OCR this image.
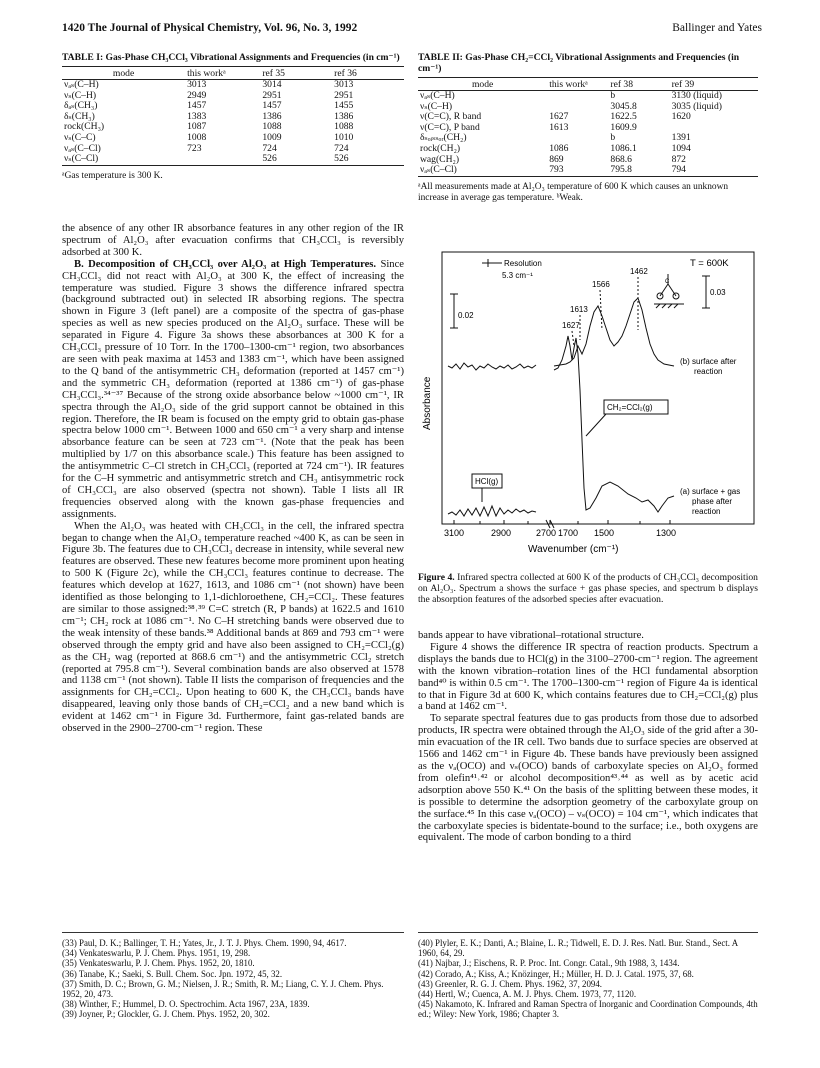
1420 The Journal of Physical Chemistry, Vol. 96, No. 3, 1992	Ballinger and Yates
TABLE I: Gas-Phase CH₃CCl₃ Vibrational Assignments and Frequencies (in cm⁻¹)
mode	this workᵃ	ref 35	ref 36
νₐₛ(C–H)	3013	3014	3013
νₛ(C–H)	2949	2951	2951
δₐₛ(CH₃)	1457	1457	1455
δₛ(CH₃)	1383	1386	1386
rock(CH₃)	1087	1088	1088
νₛ(C–C)	1008	1009	1010
νₐₛ(C–Cl)	723	724	724
νₛ(C–Cl)		526	526
ᵃGas temperature is 300 K.
TABLE II: Gas-Phase CH₂=CCl₂ Vibrational Assignments and Frequencies (in cm⁻¹)
mode	this workᵃ	ref 38	ref 39
νₐₛ(C–H)		b	3130 (liquid)
νₛ(C–H)		3045.8	3035 (liquid)
ν(C=C), R band	1627	1622.5	1620
ν(C=C), P band	1613	1609.9	
δₛₒᵢₛₛₒᵣ(CH₂)		b	1391
rock(CH₂)	1086	1086.1	1094
wag(CH₂)	869	868.6	872
νₐₛ(C–Cl)	793	795.8	794
ᵃAll measurements made at Al₂O₃ temperature of 600 K which causes an unknown increase in average gas temperature. ᵇWeak.

the absence of any other IR absorbance features in any other region of the IR spectrum of Al₂O₃ after evacuation confirms that CH₃CCl₃ is reversibly adsorbed at 300 K.

B. Decomposition of CH₃CCl₃ over Al₂O₃ at High Temperatures. Since CH₃CCl₃ did not react with Al₂O₃ at 300 K, the effect of increasing the temperature was studied. Figure 3 shows the difference infrared spectra (background subtracted out) in selected IR absorbing regions. The spectra shown in Figure 3 (left panel) are a composite of the spectra of gas-phase species as well as new species produced on the Al₂O₃ surface. These will be separated in Figure 4. Figure 3a shows these absorbances at 300 K for a CH₃CCl₃ pressure of 10 Torr. In the 1700–1300-cm⁻¹ region, two absorbances are seen with peak maxima at 1453 and 1383 cm⁻¹, which have been assigned to the Q band of the antisymmetric CH₃ deformation (reported at 1457 cm⁻¹) and the symmetric CH₃ deformation (reported at 1386 cm⁻¹) of gas-phase CH₃CCl₃.³⁴⁻³⁷ Because of the strong oxide absorbance below ~1000 cm⁻¹, IR spectra through the Al₂O₃ side of the grid support cannot be obtained in this region. Therefore, the IR beam is focused on the empty grid to obtain gas-phase spectra below 1000 cm⁻¹. Between 1000 and 650 cm⁻¹ a very sharp and intense absorbance feature can be seen at 723 cm⁻¹. (Note that the peak has been multiplied by 1/7 on this absorbance scale.) This feature has been assigned to the antisymmetric C–Cl stretch in CH₃CCl₃ (reported at 724 cm⁻¹). IR features for the C–H symmetric and antisymmetric stretch and CH₃ antisymmetric rock of CH₃CCl₃ are also observed (spectra not shown). Table I lists all IR frequencies observed along with the known gas-phase frequencies and assignments.

When the Al₂O₃ was heated with CH₃CCl₃ in the cell, the infrared spectra began to change when the Al₂O₃ temperature reached ~400 K, as can be seen in Figure 3b. The features due to CH₃CCl₃ decrease in intensity, while several new features are observed. These new features become more prominent upon heating to 500 K (Figure 2c), while the CH₃CCl₃ features continue to decrease. The features which develop at 1627, 1613, and 1086 cm⁻¹ (not shown) have been identified as those belonging to 1,1-dichloroethene, CH₂=CCl₂. These features are similar to those assigned:³⁸˒³⁹ C=C stretch (R, P bands) at 1622.5 and 1610 cm⁻¹; CH₂ rock at 1086 cm⁻¹. No C–H stretching bands were observed due to the weak intensity of these bands.³⁸ Additional bands at 869 and 793 cm⁻¹ were observed through the empty grid and have also been assigned to CH₂=CCl₂(g) as the CH₂ wag (reported at 868.6 cm⁻¹) and the antisymmetric CCl₂ stretch (reported at 795.8 cm⁻¹). Several combination bands are also observed at 1578 and 1138 cm⁻¹ (not shown). Table II lists the comparison of frequencies and the assignments for CH₂=CCl₂. Upon heating to 600 K, the CH₃CCl₃ bands have disappeared, leaving only those bands of CH₂=CCl₂ and a new band which is evident at 1462 cm⁻¹ in Figure 3d. Furthermore, faint gas-related bands are observed in the 2900–2700-cm⁻¹ region. These

Resolution
5.3 cm⁻¹
T = 600K
0.02
0.03
C
1462
1566
1613
1627
(b) surface after
reaction
(a) surface + gas
phase after
reaction
CH₂=CCl₂(g)
HCl(g)
Absorbance
3100	2900	2700 1700 1500	1300
Wavenumber (cm⁻¹)
Figure 4. Infrared spectra collected at 600 K of the products of CH₃CCl₃ decomposition on Al₂O₃. Spectrum a shows the surface + gas phase species, and spectrum b displays the absorption features of the adsorbed species after evacuation.

bands appear to have vibrational–rotational structure.

Figure 4 shows the difference IR spectra of reaction products. Spectrum a displays the bands due to HCl(g) in the 3100–2700-cm⁻¹ region. The agreement with the known vibration–rotation lines of the HCl fundamental absorption band⁴⁰ is within 0.5 cm⁻¹. The 1700–1300-cm⁻¹ region of Figure 4a is identical to that in Figure 3d at 600 K, which contains features due to CH₂=CCl₂(g) plus a band at 1462 cm⁻¹.

To separate spectral features due to gas products from those due to adsorbed products, IR spectra were obtained through the Al₂O₃ side of the grid after a 30-min evacuation of the IR cell. Two bands due to surface species are observed at 1566 and 1462 cm⁻¹ in Figure 4b. These bands have previously been assigned as the νₐ(OCO) and νₛ(OCO) bands of carboxylate species on Al₂O₃ formed from olefin⁴¹˒⁴² or alcohol decomposition⁴³˒⁴⁴ as well as by acetic acid adsorption above 550 K.⁴¹ On the basis of the splitting between these modes, it is possible to determine the adsorption geometry of the carboxylate group on the surface.⁴⁵ In this case νₐ(OCO) – νₛ(OCO) = 104 cm⁻¹, which indicates that the carboxylate species is bidentate-bound to the surface; i.e., both oxygens are equivalent. The mode of carbon bonding to a third

(33) Paul, D. K.; Ballinger, T. H.; Yates, Jr., J. T. J. Phys. Chem. 1990, 94, 4617.
(34) Venkateswarlu, P. J. Chem. Phys. 1951, 19, 298.
(35) Venkateswarlu, P. J. Chem. Phys. 1952, 20, 1810.
(36) Tanabe, K.; Saeki, S. Bull. Chem. Soc. Jpn. 1972, 45, 32.
(37) Smith, D. C.; Brown, G. M.; Nielsen, J. R.; Smith, R. M.; Liang, C. Y. J. Chem. Phys. 1952, 20, 473.
(38) Winther, F.; Hummel, D. O. Spectrochim. Acta 1967, 23A, 1839.
(39) Joyner, P.; Glockler, G. J. Chem. Phys. 1952, 20, 302.
(40) Plyler, E. K.; Danti, A.; Blaine, L. R.; Tidwell, E. D. J. Res. Natl. Bur. Stand., Sect. A 1960, 64, 29.
(41) Najbar, J.; Eischens, R. P. Proc. Int. Congr. Catal., 9th 1988, 3, 1434.
(42) Corado, A.; Kiss, A.; Knözinger, H.; Müller, H. D. J. Catal. 1975, 37, 68.
(43) Greenler, R. G. J. Chem. Phys. 1962, 37, 2094.
(44) Hertl, W.; Cuenca, A. M. J. Phys. Chem. 1973, 77, 1120.
(45) Nakamoto, K. Infrared and Raman Spectra of Inorganic and Coordination Compounds, 4th ed.; Wiley: New York, 1986; Chapter 3.
